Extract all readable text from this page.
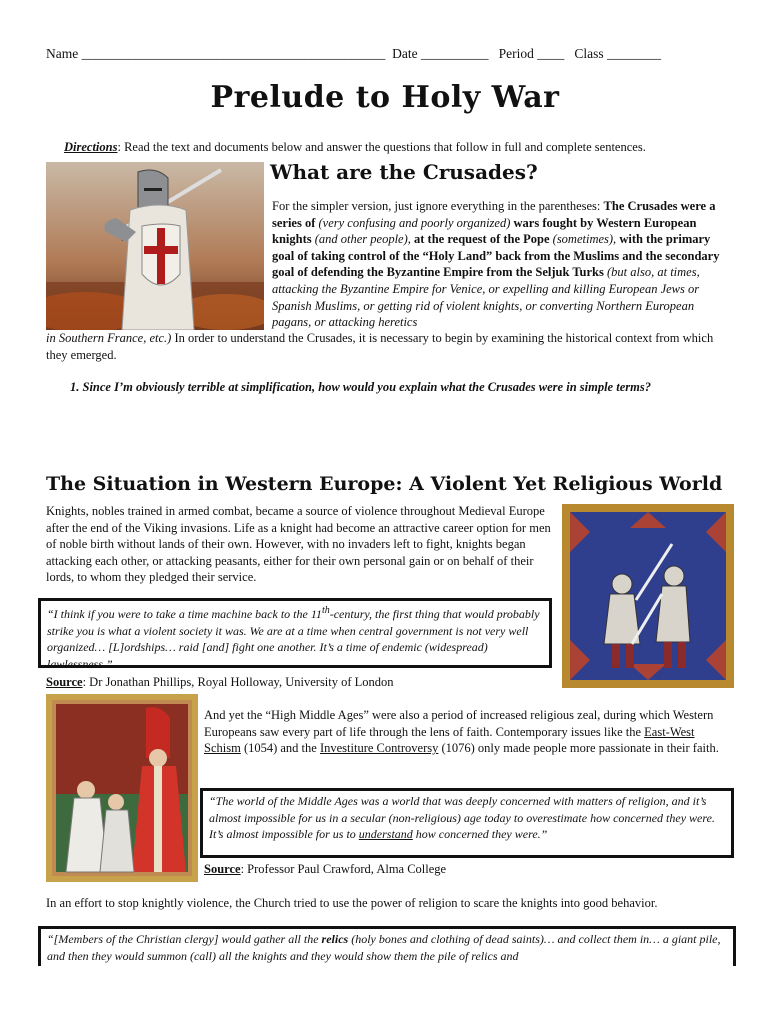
Name _____________________________________________ Date __________ Period ____ Class ________
Prelude to Holy War
Directions: Read the text and documents below and answer the questions that follow in full and complete sentences.
What are the Crusades?
For the simpler version, just ignore everything in the parentheses: The Crusades were a series of (very confusing and poorly organized) wars fought by Western European knights (and other people), at the request of the Pope (sometimes), with the primary goal of taking control of the “Holy Land” back from the Muslims and the secondary goal of defending the Byzantine Empire from the Seljuk Turks (but also, at times, attacking the Byzantine Empire for Venice, or expelling and killing European Jews or Spanish Muslims, or getting rid of violent knights, or converting Northern European pagans, or attacking heretics
in Southern France, etc.) In order to understand the Crusades, it is necessary to begin by examining the historical context from which they emerged.
1. Since I’m obviously terrible at simplification, how would you explain what the Crusades were in simple terms?
The Situation in Western Europe: A Violent Yet Religious World
Knights, nobles trained in armed combat, became a source of violence throughout Medieval Europe after the end of the Viking invasions. Life as a knight had become an attractive career option for men of noble birth without lands of their own. However, with no invaders left to fight, knights began attacking each other, or attacking peasants, either for their own personal gain or on behalf of their lords, to whom they pledged their service.
“I think if you were to take a time machine back to the 11th-century, the first thing that would probably strike you is what a violent society it was. We are at a time when central government is not very well organized… [L]ordships… raid [and] fight one another. It’s a time of endemic (widespread) lawlessness.”
Source: Dr Jonathan Phillips, Royal Holloway, University of London
And yet the “High Middle Ages” were also a period of increased religious zeal, during which Western Europeans saw every part of life through the lens of faith. Contemporary issues like the East-West Schism (1054) and the Investiture Controversy (1076) only made people more passionate in their faith.
“The world of the Middle Ages was a world that was deeply concerned with matters of religion, and it’s almost impossible for us in a secular (non-religious) age today to overestimate how concerned they were. It’s almost impossible for us to understand how concerned they were.”
Source: Professor Paul Crawford, Alma College
In an effort to stop knightly violence, the Church tried to use the power of religion to scare the knights into good behavior.
“[Members of the Christian clergy] would gather all the relics (holy bones and clothing of dead saints)… and collect them in… a giant pile, and then they would summon (call) all the knights and they would show them the pile of relics and
